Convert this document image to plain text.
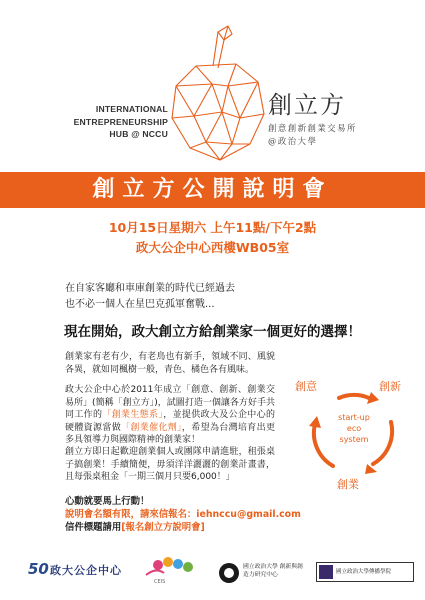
INTERNATIONAL
ENTREPRENEURSHIP
HUB @ NCCU
創立方
創意創新創業交易所
@政治大學
創立方公開說明會
10月15日星期六 上午11點/下午2點
政大公企中心西樓WB05室
在自家客廳和車庫創業的時代已經過去
也不必一個人在星巴克孤軍奮戰...
現在開始，政大創立方給創業家一個更好的選擇！
創業家有老有少，有老鳥也有新手，領域不同、風貌各異，就如同楓樹一般，青色、橘色各有風味。
政大公企中心於2011年成立「創意、創新、創業交易所」(簡稱「創立方」)，試圖打造一個讓各方好手共同工作的「創業生態系」，並提供政大及公企中心的硬體資源當做「創業催化劑」，希望為台灣培育出更多具領導力與國際精神的創業家！
創立方即日起歡迎創業個人或團隊申請進駐，租張桌子搞創業！手續簡便，毋須洋洋灑灑的創業計畫書，且每張桌租金「一期三個月只要6,000！」
心動就要馬上行動！
說明會名額有限，請來信報名：iehnccu@gmail.com
信件標題請用[報名創立方說明會]
創意	創新
創業
start-up
eco
system
50 政大公企中心
CEIS
國立政治大學 創新與創造力研究中心	國立政治大學傳播學院
